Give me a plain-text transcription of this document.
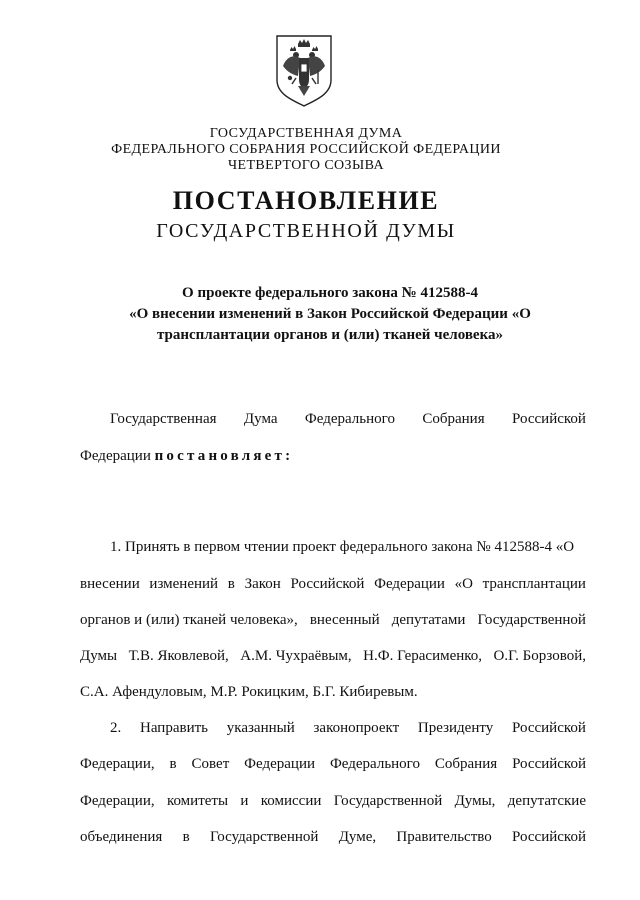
ГОСУДАРСТВЕННАЯ ДУМА
ФЕДЕРАЛЬНОГО СОБРАНИЯ РОССИЙСКОЙ ФЕДЕРАЦИИ
ЧЕТВЕРТОГО СОЗЫВА
ПОСТАНОВЛЕНИЕ
ГОСУДАРСТВЕННОЙ ДУМЫ
О проекте федерального закона № 412588-4
«О внесении изменений в Закон Российской Федерации «О
трансплантации органов и (или) тканей человека»
Государственная Дума Федерального Собрания Российской
Федерации постановляет:
1. Принять в первом чтении проект федерального закона № 412588-4 «О
внесении изменений в Закон Российской Федерации «О трансплантации
органов и (или) тканей человека», внесенный депутатами Государственной
Думы Т.В. Яковлевой, А.М. Чухраёвым, Н.Ф. Герасименко, О.Г. Борзовой,
С.А. Афендуловым, М.Р. Рокицким, Б.Г. Кибиревым.
2. Направить указанный законопроект Президенту Российской
Федерации, в Совет Федерации Федерального Собрания Российской
Федерации, комитеты и комиссии Государственной Думы, депутатские
объединения в Государственной Думе, Правительство Российской
